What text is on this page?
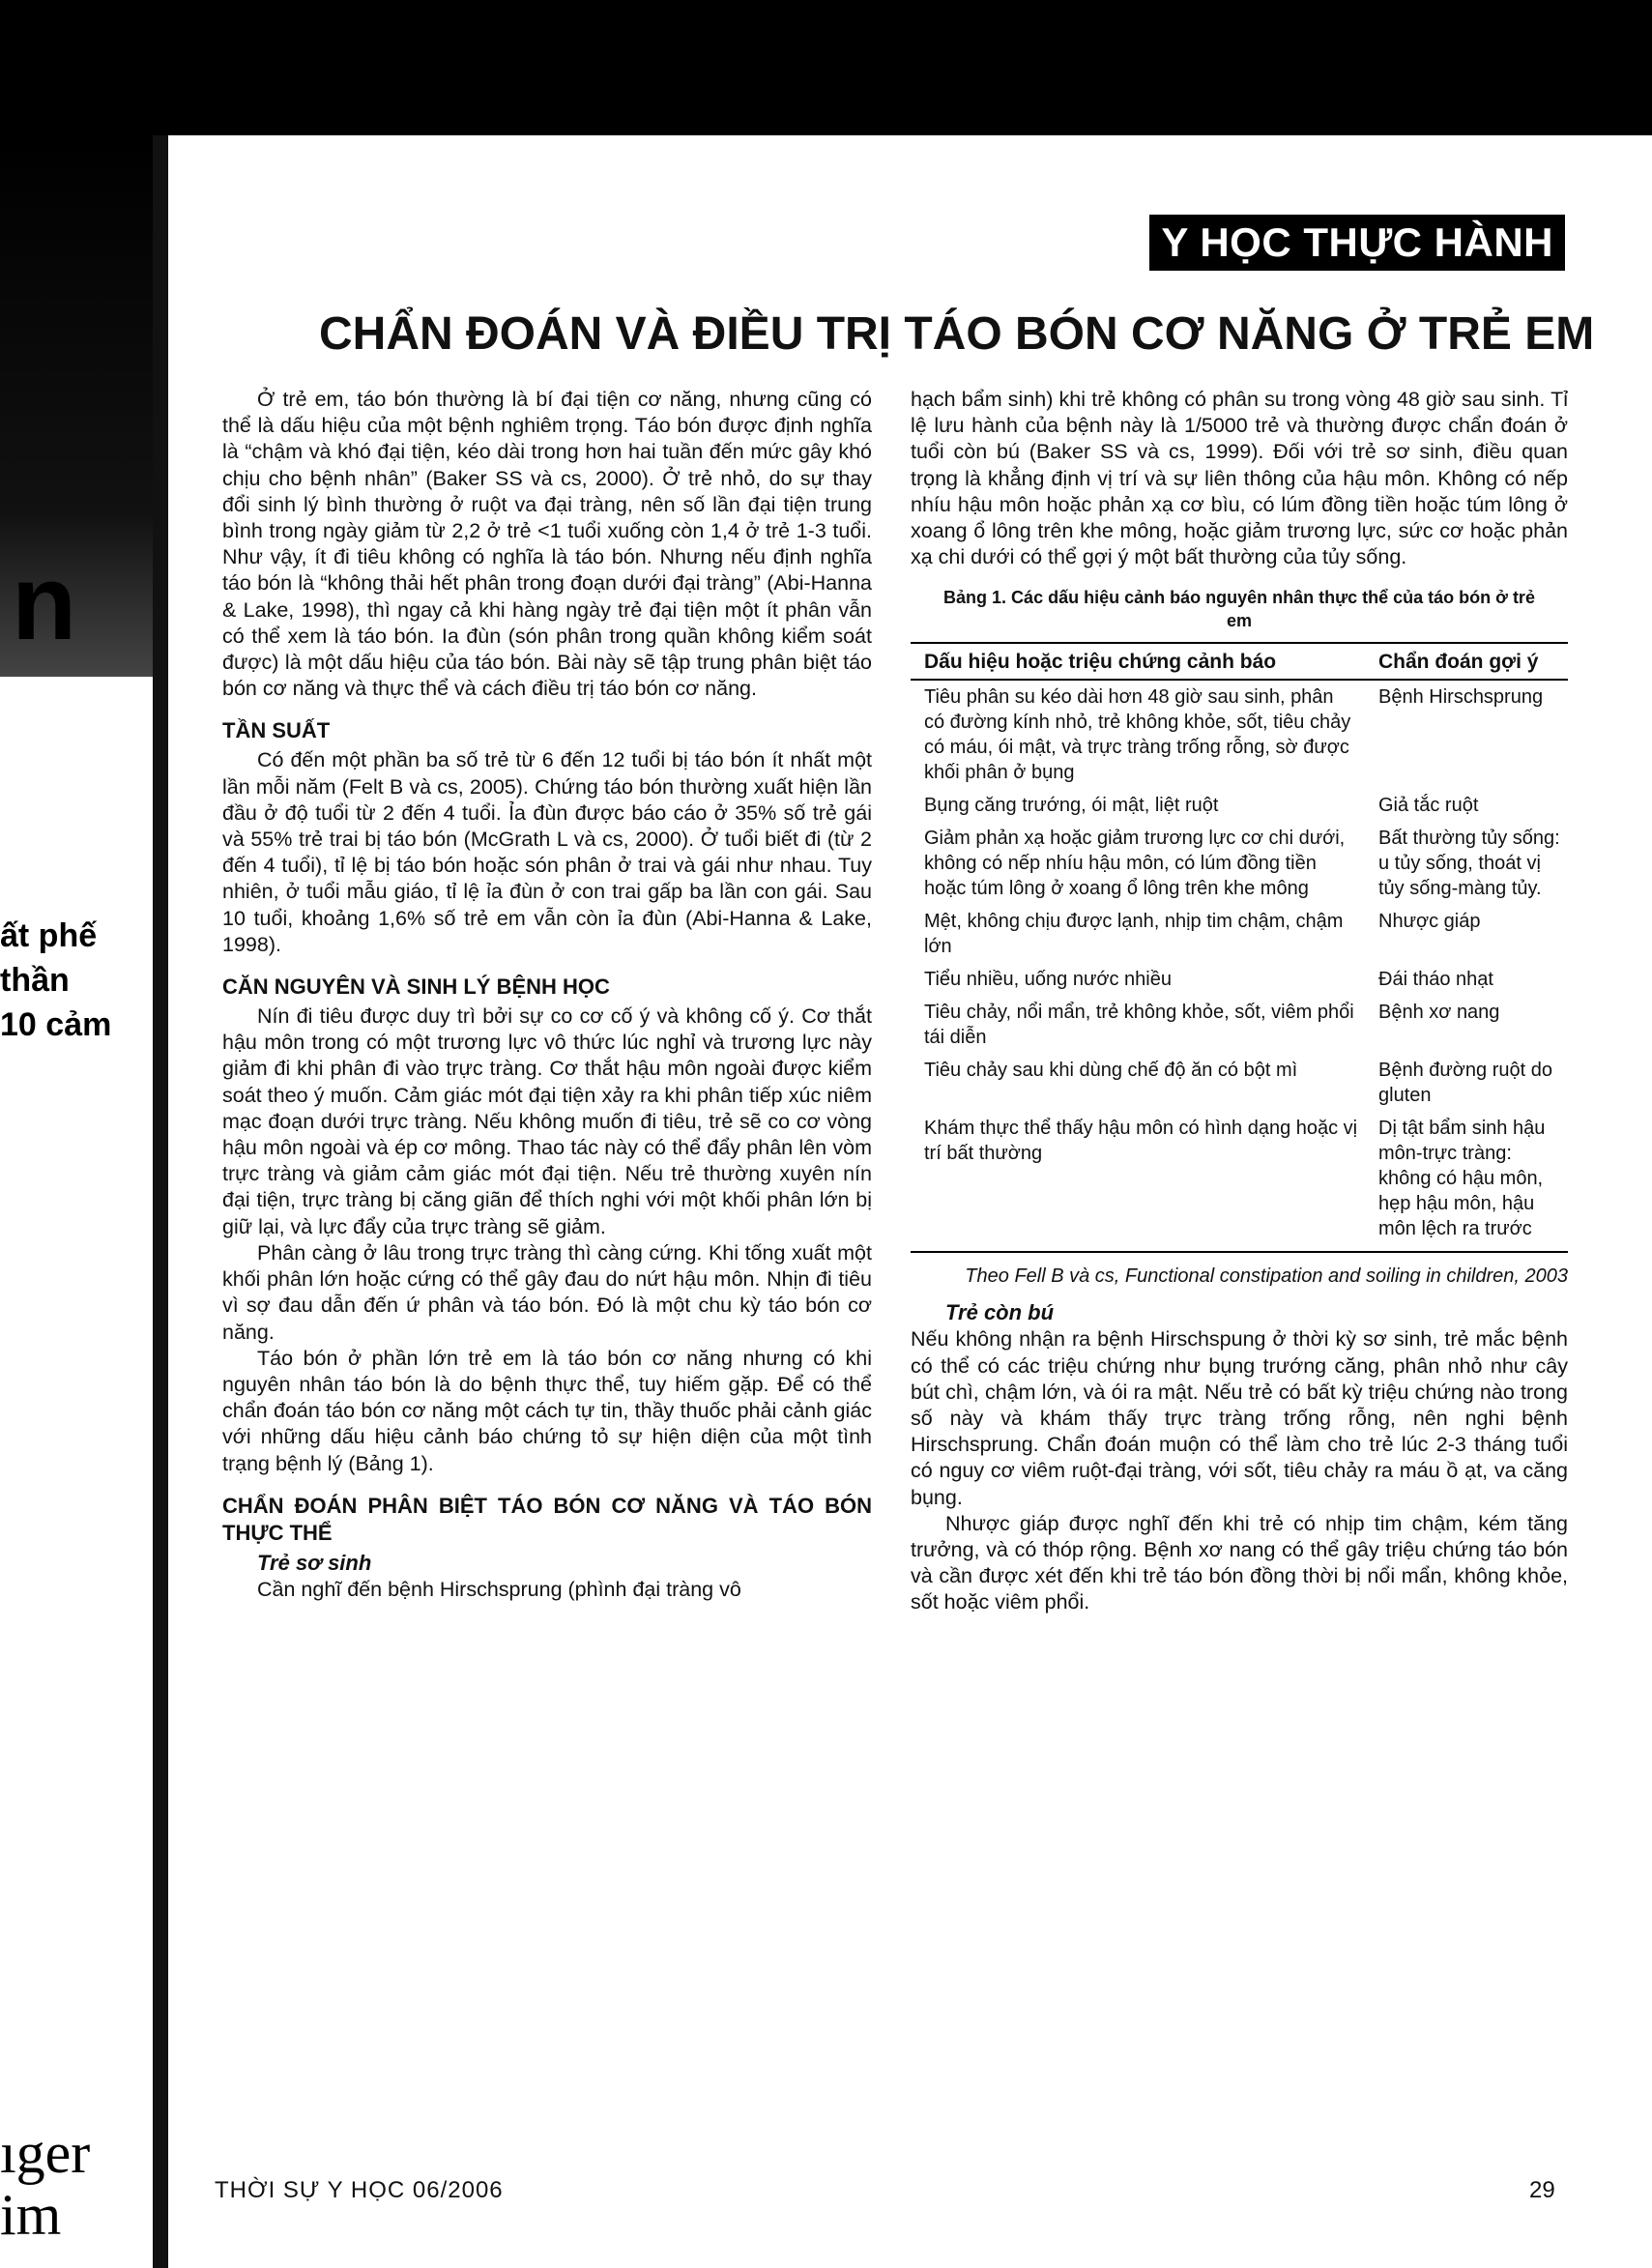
n
ất phế
thần
10 cảm
ıger
im
Y HỌC THỰC HÀNH
CHẨN ĐOÁN VÀ ĐIỀU TRỊ TÁO BÓN CƠ NĂNG Ở TRẺ EM

Ở trẻ em, táo bón thường là bí đại tiện cơ năng, nhưng cũng có thể là dấu hiệu của một bệnh nghiêm trọng. Táo bón được định nghĩa là “chậm và khó đại tiện, kéo dài trong hơn hai tuần đến mức gây khó chịu cho bệnh nhân” (Baker SS và cs, 2000). Ở trẻ nhỏ, do sự thay đổi sinh lý bình thường ở ruột va đại tràng, nên số lần đại tiện trung bình trong ngày giảm từ 2,2 ở trẻ <1 tuổi xuống còn 1,4 ở trẻ 1-3 tuổi. Như vậy, ít đi tiêu không có nghĩa là táo bón. Nhưng nếu định nghĩa táo bón là “không thải hết phân trong đoạn dưới đại tràng” (Abi-Hanna & Lake, 1998), thì ngay cả khi hàng ngày trẻ đại tiện một ít phân vẫn có thể xem là táo bón. Ia đùn (són phân trong quần không kiểm soát được) là một dấu hiệu của táo bón. Bài này sẽ tập trung phân biệt táo bón cơ năng và thực thể và cách điều trị táo bón cơ năng.

TẦN SUẤT

Có đến một phần ba số trẻ từ 6 đến 12 tuổi bị táo bón ít nhất một lần mỗi năm (Felt B và cs, 2005). Chứng táo bón thường xuất hiện lần đầu ở độ tuổi từ 2 đến 4 tuổi. Ỉa đùn được báo cáo ở 35% số trẻ gái và 55% trẻ trai bị táo bón (McGrath L và cs, 2000). Ở tuổi biết đi (từ 2 đến 4 tuổi), tỉ lệ bị táo bón hoặc són phân ở trai và gái như nhau. Tuy nhiên, ở tuổi mẫu giáo, tỉ lệ ỉa đùn ở con trai gấp ba lần con gái. Sau 10 tuổi, khoảng 1,6% số trẻ em vẫn còn ỉa đùn (Abi-Hanna & Lake, 1998).

CĂN NGUYÊN VÀ SINH LÝ BỆNH HỌC

Nín đi tiêu được duy trì bởi sự co cơ cố ý và không cố ý. Cơ thắt hậu môn trong có một trương lực vô thức lúc nghỉ và trương lực này giảm đi khi phân đi vào trực tràng. Cơ thắt hậu môn ngoài được kiểm soát theo ý muốn. Cảm giác mót đại tiện xảy ra khi phân tiếp xúc niêm mạc đoạn dưới trực tràng. Nếu không muốn đi tiêu, trẻ sẽ co cơ vòng hậu môn ngoài và ép cơ mông. Thao tác này có thể đẩy phân lên vòm trực tràng và giảm cảm giác mót đại tiện. Nếu trẻ thường xuyên nín đại tiện, trực tràng bị căng giãn để thích nghi với một khối phân lớn bị giữ lại, và lực đẩy của trực tràng sẽ giảm.

Phân càng ở lâu trong trực tràng thì càng cứng. Khi tống xuất một khối phân lớn hoặc cứng có thể gây đau do nứt hậu môn. Nhịn đi tiêu vì sợ đau dẫn đến ứ phân và táo bón. Đó là một chu kỳ táo bón cơ năng.

Táo bón ở phần lớn trẻ em là táo bón cơ năng nhưng có khi nguyên nhân táo bón là do bệnh thực thể, tuy hiếm gặp. Để có thể chẩn đoán táo bón cơ năng một cách tự tin, thầy thuốc phải cảnh giác với những dấu hiệu cảnh báo chứng tỏ sự hiện diện của một tình trạng bệnh lý (Bảng 1).

CHẨN ĐOÁN PHÂN BIỆT TÁO BÓN CƠ NĂNG VÀ TÁO BÓN THỰC THỂ
Trẻ sơ sinh

Cần nghĩ đến bệnh Hirschsprung (phình đại tràng vô

hạch bẩm sinh) khi trẻ không có phân su trong vòng 48 giờ sau sinh. Tỉ lệ lưu hành của bệnh này là 1/5000 trẻ và thường được chẩn đoán ở tuổi còn bú (Baker SS và cs, 1999). Đối với trẻ sơ sinh, điều quan trọng là khẳng định vị trí và sự liên thông của hậu môn. Không có nếp nhíu hậu môn hoặc phản xạ cơ bìu, có lúm đồng tiền hoặc túm lông ở xoang ổ lông trên khe mông, hoặc giảm trương lực, sức cơ hoặc phản xạ chi dưới có thể gợi ý một bất thường của tủy sống.

Bảng 1. Các dấu hiệu cảnh báo nguyên nhân thực thể của táo bón ở trẻ em
Dấu hiệu hoặc triệu chứng cảnh báo	Chẩn đoán gợi ý
Tiêu phân su kéo dài hơn 48 giờ sau sinh, phân có đường kính nhỏ, trẻ không khỏe, sốt, tiêu chảy có máu, ói mật, và trực tràng trống rỗng, sờ được khối phân ở bụng	Bệnh Hirschsprung
Bụng căng trướng, ói mật, liệt ruột	Giả tắc ruột
Giảm phản xạ hoặc giảm trương lực cơ chi dưới, không có nếp nhíu hậu môn, có lúm đồng tiền hoặc túm lông ở xoang ổ lông trên khe mông	Bất thường tủy sống: u tủy sống, thoát vị tủy sống-màng tủy.
Mệt, không chịu được lạnh, nhịp tim chậm, chậm lớn	Nhược giáp
Tiểu nhiều, uống nước nhiều	Đái tháo nhạt
Tiêu chảy, nổi mẩn, trẻ không khỏe, sốt, viêm phổi tái diễn	Bệnh xơ nang
Tiêu chảy sau khi dùng chế độ ăn có bột mì	Bệnh đường ruột do gluten
Khám thực thể thấy hậu môn có hình dạng hoặc vị trí bất thường	Dị tật bẩm sinh hậu môn-trực tràng: không có hậu môn, hẹp hậu môn, hậu môn lệch ra trước
Theo Fell B và cs, Functional constipation and soiling in children, 2003
Trẻ còn bú

Nếu không nhận ra bệnh Hirschspung ở thời kỳ sơ sinh, trẻ mắc bệnh có thể có các triệu chứng như bụng trướng căng, phân nhỏ như cây bút chì, chậm lớn, và ói ra mật. Nếu trẻ có bất kỳ triệu chứng nào trong số này và khám thấy trực tràng trống rỗng, nên nghi bệnh Hirschsprung. Chẩn đoán muộn có thể làm cho trẻ lúc 2-3 tháng tuổi có nguy cơ viêm ruột-đại tràng, với sốt, tiêu chảy ra máu ồ ạt, va căng bụng.

Nhược giáp được nghĩ đến khi trẻ có nhịp tim chậm, kém tăng trưởng, và có thóp rộng. Bệnh xơ nang có thể gây triệu chứng táo bón và cần được xét đến khi trẻ táo bón đồng thời bị nổi mẩn, không khỏe, sốt hoặc viêm phổi.

THỜI SỰ Y HỌC 06/2006	29
